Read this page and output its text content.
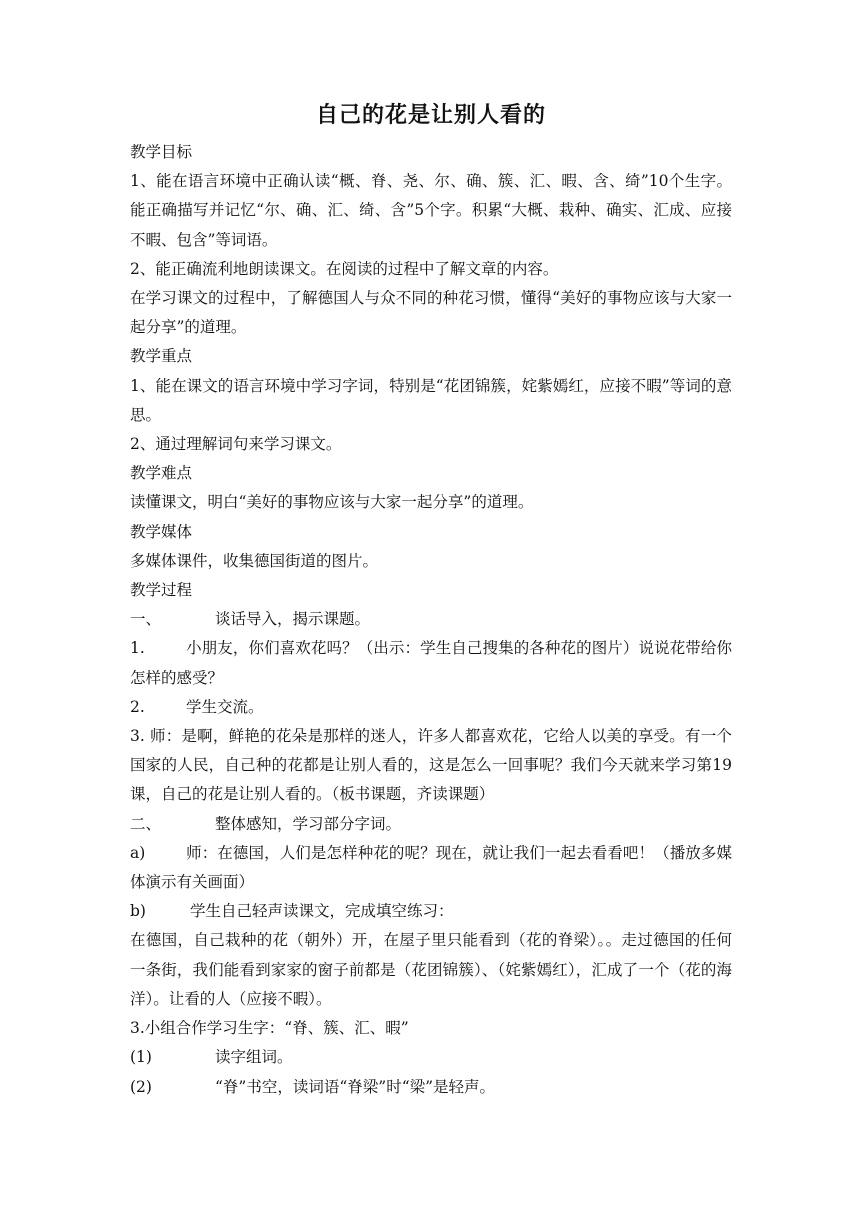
自己的花是让别人看的

教学目标

1、能在语言环境中正确认读“概、脊、尧、尔、确、簇、汇、暇、含、绮”10个生字。能正确描写并记忆“尔、确、汇、绮、含”5个字。积累“大概、栽种、确实、汇成、应接不暇、包含”等词语。

2、能正确流利地朗读课文。在阅读的过程中了解文章的内容。

在学习课文的过程中，了解德国人与众不同的种花习惯，懂得“美好的事物应该与大家一起分享”的道理。

教学重点

1、能在课文的语言环境中学习字词，特别是“花团锦簇，姹紫嫣红，应接不暇”等词的意思。

2、通过理解词句来学习课文。

教学难点

读懂课文，明白“美好的事物应该与大家一起分享”的道理。

教学媒体

多媒体课件，收集德国街道的图片。

教学过程

一、	谈话导入，揭示课题。
1.	小朋友，你们喜欢花吗？（出示：学生自己搜集的各种花的图片）说说花带给你怎样的感受？
2.	学生交流。

3. 师：是啊，鲜艳的花朵是那样的迷人，许多人都喜欢花，它给人以美的享受。有一个国家的人民，自己种的花都是让别人看的，这是怎么一回事呢？我们今天就来学习第19课，自己的花是让别人看的。（板书课题，齐读课题）

二、	整体感知，学习部分字词。
a)	师：在德国，人们是怎样种花的呢？现在，就让我们一起去看看吧！（播放多媒体演示有关画面）
b)	学生自己轻声读课文，完成填空练习：

在德国，自己栽种的花（朝外）开，在屋子里只能看到（花的脊梁）。。走过德国的任何一条街，我们能看到家家的窗子前都是（花团锦簇）、（姹紫嫣红），汇成了一个（花的海洋）。让看的人（应接不暇）。

3.小组合作学习生字：“脊、簇、汇、暇”

(1)	读字组词。
(2)	“脊”书空，读词语“脊梁”时“梁”是轻声。
